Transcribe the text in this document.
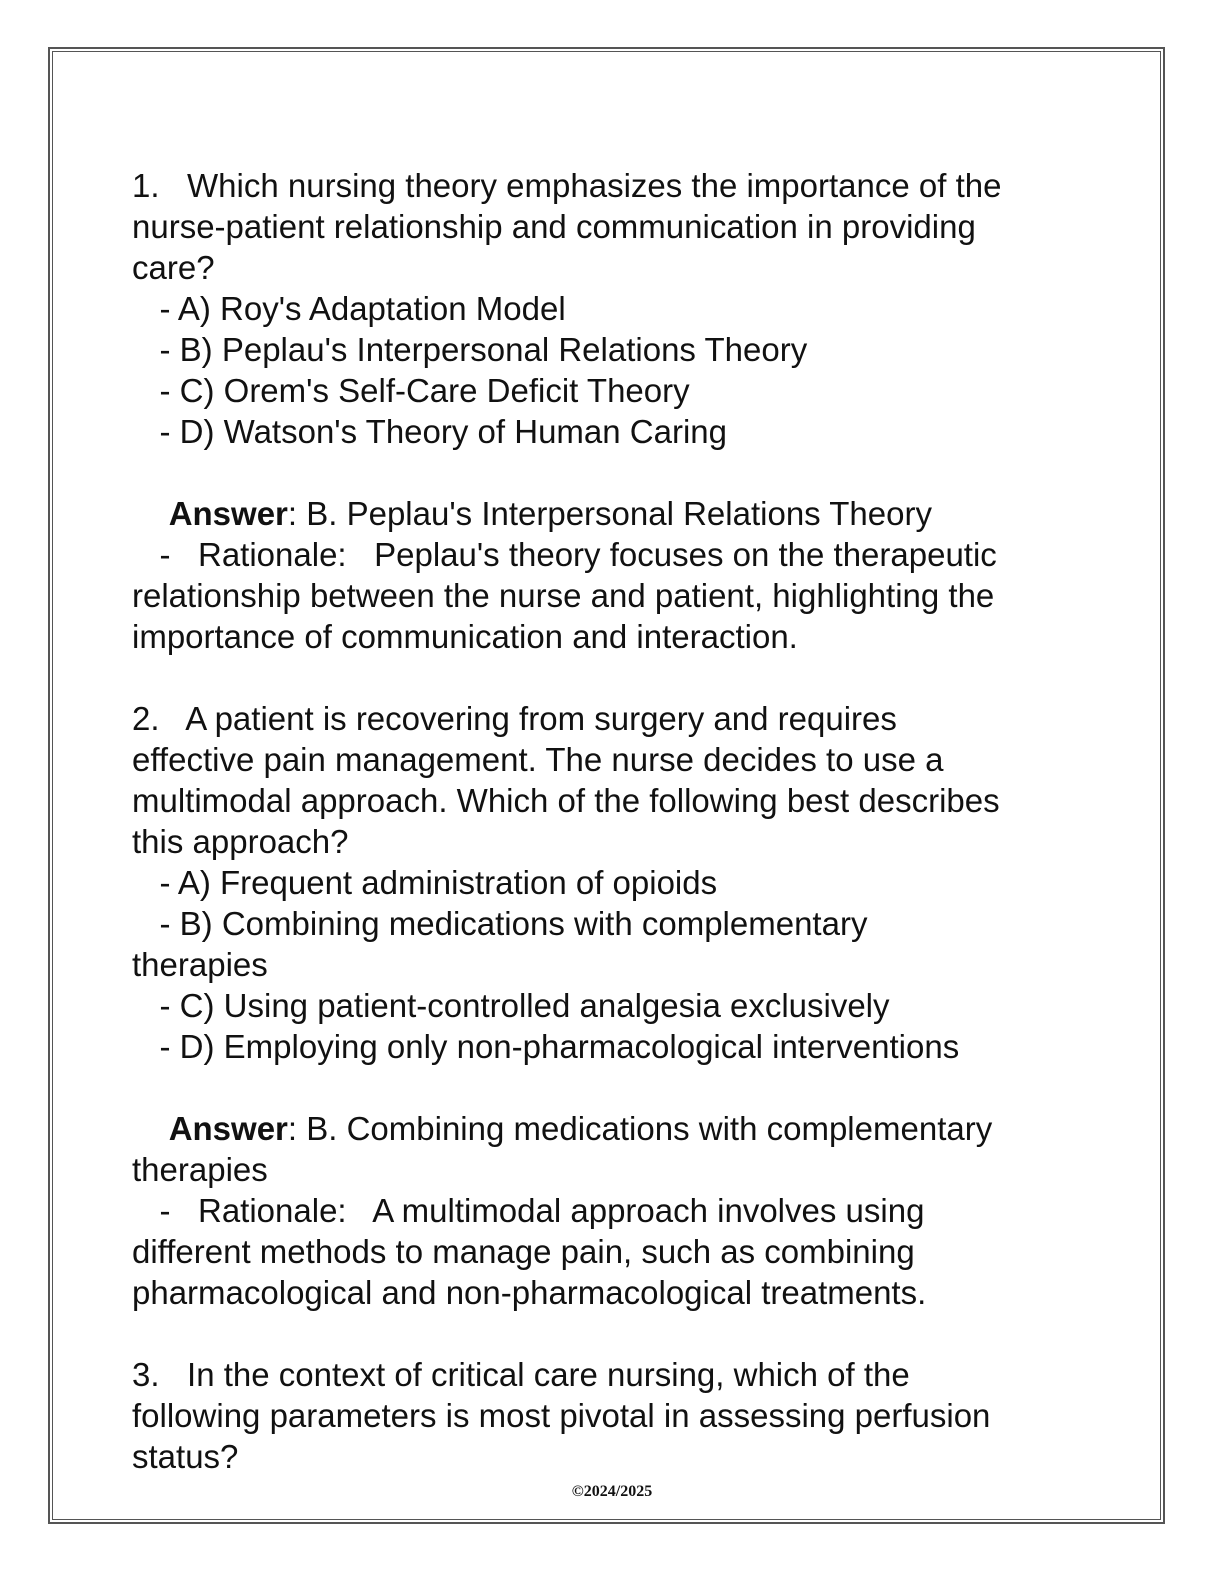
1.   Which nursing theory emphasizes the importance of the

nurse-patient relationship and communication in providing

care?

- A) Roy's Adaptation Model

- B) Peplau's Interpersonal Relations Theory

- C) Orem's Self-Care Deficit Theory

- D) Watson's Theory of Human Caring

Answer: B. Peplau's Interpersonal Relations Theory

-   Rationale:   Peplau's theory focuses on the therapeutic

relationship between the nurse and patient, highlighting the

importance of communication and interaction.

2.   A patient is recovering from surgery and requires

effective pain management. The nurse decides to use a

multimodal approach. Which of the following best describes

this approach?

- A) Frequent administration of opioids

- B) Combining medications with complementary

therapies

- C) Using patient-controlled analgesia exclusively

- D) Employing only non-pharmacological interventions

Answer: B. Combining medications with complementary

therapies

-   Rationale:   A multimodal approach involves using

different methods to manage pain, such as combining

pharmacological and non-pharmacological treatments.

3.   In the context of critical care nursing, which of the

following parameters is most pivotal in assessing perfusion

status?

©2024/2025
